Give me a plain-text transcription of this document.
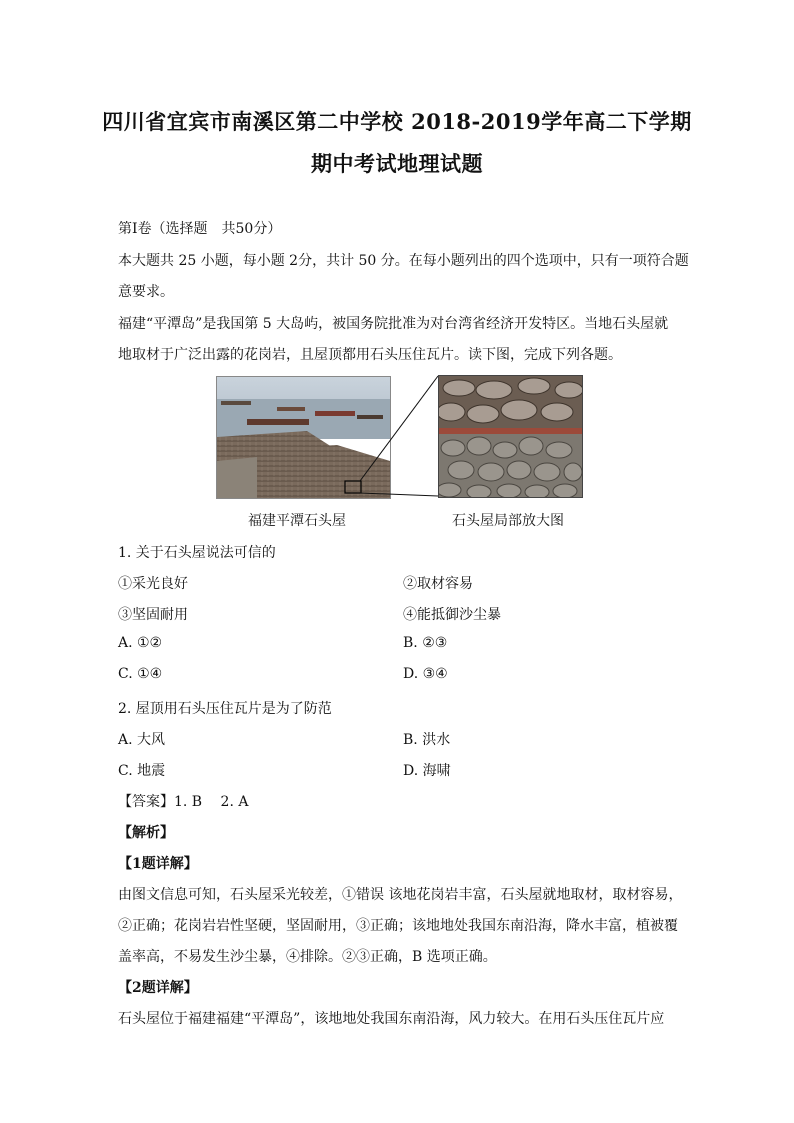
四川省宜宾市南溪区第二中学校 2018-2019学年高二下学期
期中考试地理试题
第Ⅰ卷（选择题　共50分）
本大题共 25 小题，每小题 2分，共计 50 分。在每小题列出的四个选项中，只有一项符合题
意要求。
福建“平潭岛”是我国第 5 大岛屿，被国务院批准为对台湾省经济开发特区。当地石头屋就
地取材于广泛出露的花岗岩，且屋顶都用石头压住瓦片。读下图，完成下列各题。
福建平潭石头屋	石头屋局部放大图
1. 关于石头屋说法可信的
①采光良好	②取材容易
③坚固耐用	④能抵御沙尘暴
A. ①②	B. ②③
C. ①④	D. ③④
2. 屋顶用石头压住瓦片是为了防范
A. 大风	B. 洪水
C. 地震	D. 海啸
【答案】1. B　 2. A
【解析】
【1题详解】
由图文信息可知，石头屋采光较差，①错误 该地花岗岩丰富，石头屋就地取材，取材容易，
②正确；花岗岩岩性坚硬，坚固耐用，③正确；该地地处我国东南沿海，降水丰富，植被覆
盖率高，不易发生沙尘暴，④排除。②③正确，B 选项正确。
【2题详解】
石头屋位于福建福建“平潭岛”，该地地处我国东南沿海，风力较大。在用石头压住瓦片应
